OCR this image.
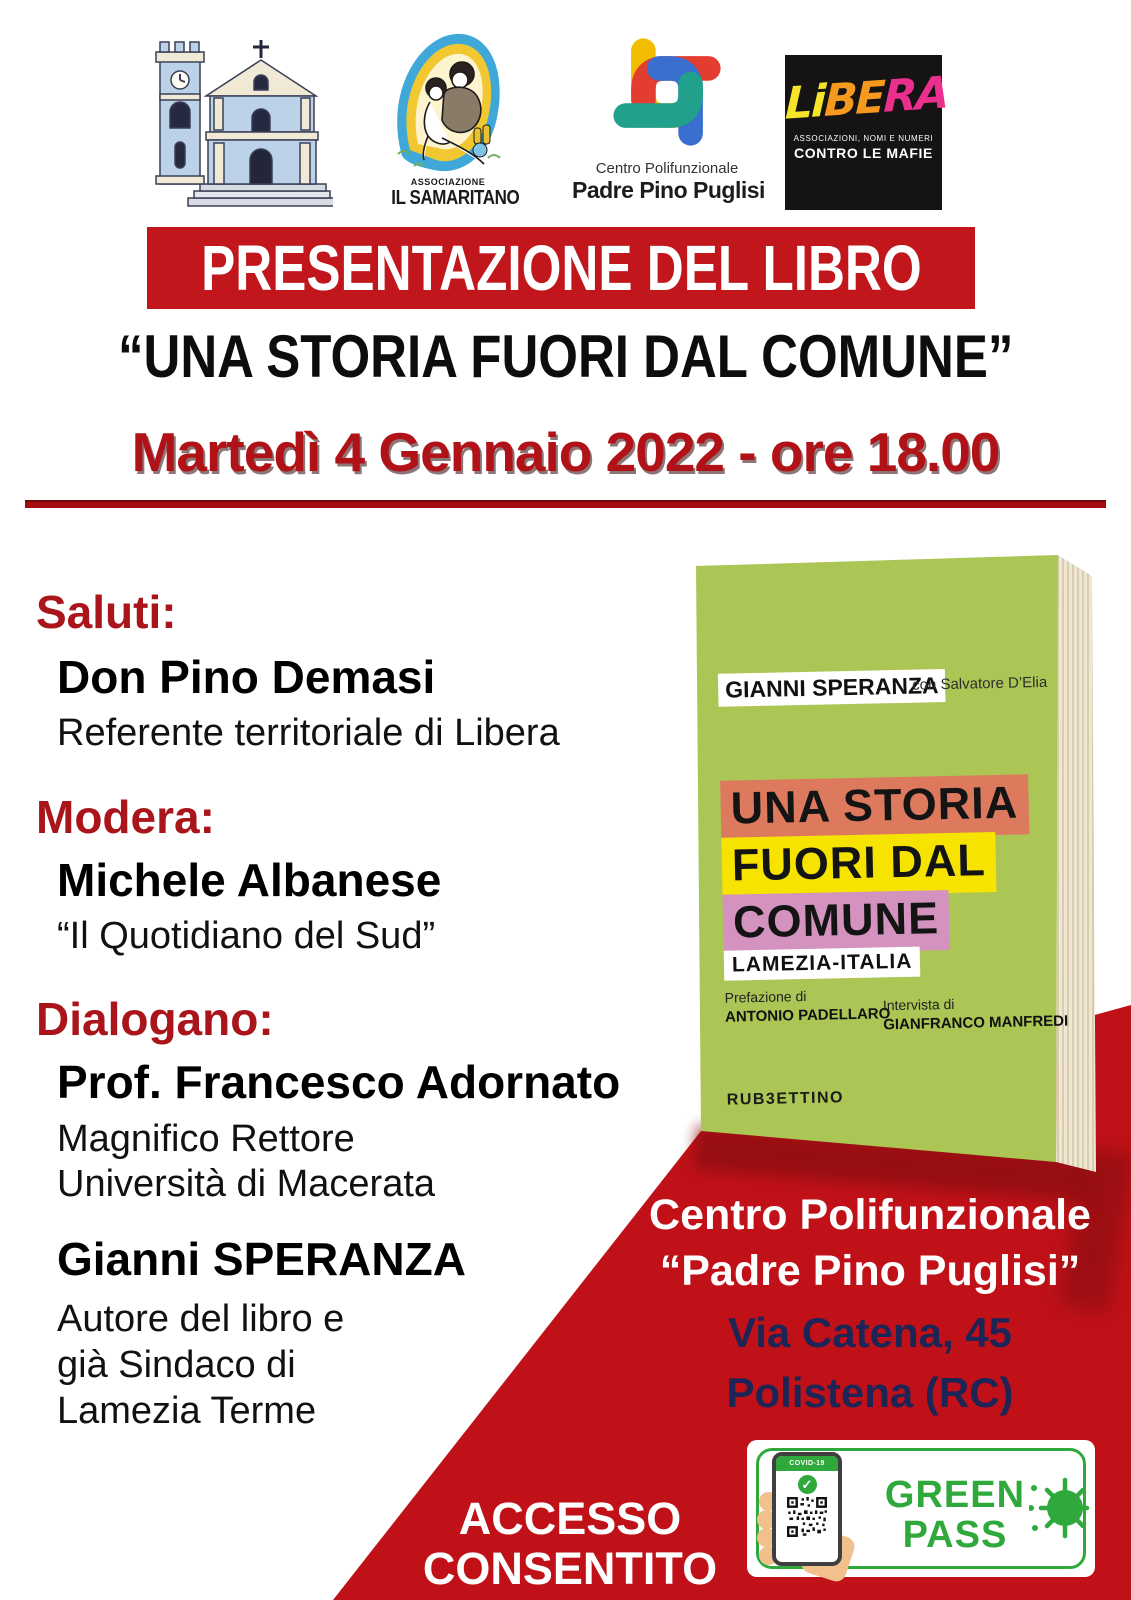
ASSOCIAZIONE
IL SAMARITANO
Centro Polifunzionale
Padre Pino Puglisi
LiBERA
ASSOCIAZIONI, NOMI E NUMERI
CONTRO LE MAFIE
PRESENTAZIONE DEL LIBRO
“UNA STORIA FUORI DAL COMUNE”
Martedì 4 Gennaio 2022 - ore 18.00
Saluti:
Don Pino Demasi
Referente territoriale di Libera
Modera:
Michele Albanese
“Il Quotidiano del Sud”
Dialogano:
Prof. Francesco Adornato
Magnifico Rettore
Università di Macerata
Gianni SPERANZA
Autore del libro e
già Sindaco di
Lamezia Terme
GIANNI SPERANZA
con Salvatore D’Elia
UNA STORIA
FUORI DAL
COMUNE
LAMEZIA-ITALIA
Prefazione di
ANTONIO PADELLARO
Intervista di
GIANFRANCO MANFREDI
RUB3ETTINO
Centro Polifunzionale
“Padre Pino Puglisi”
Via Catena, 45
Polistena (RC)
ACCESSO
CONSENTITO
COVID-19
✓ GREEN
PASS
